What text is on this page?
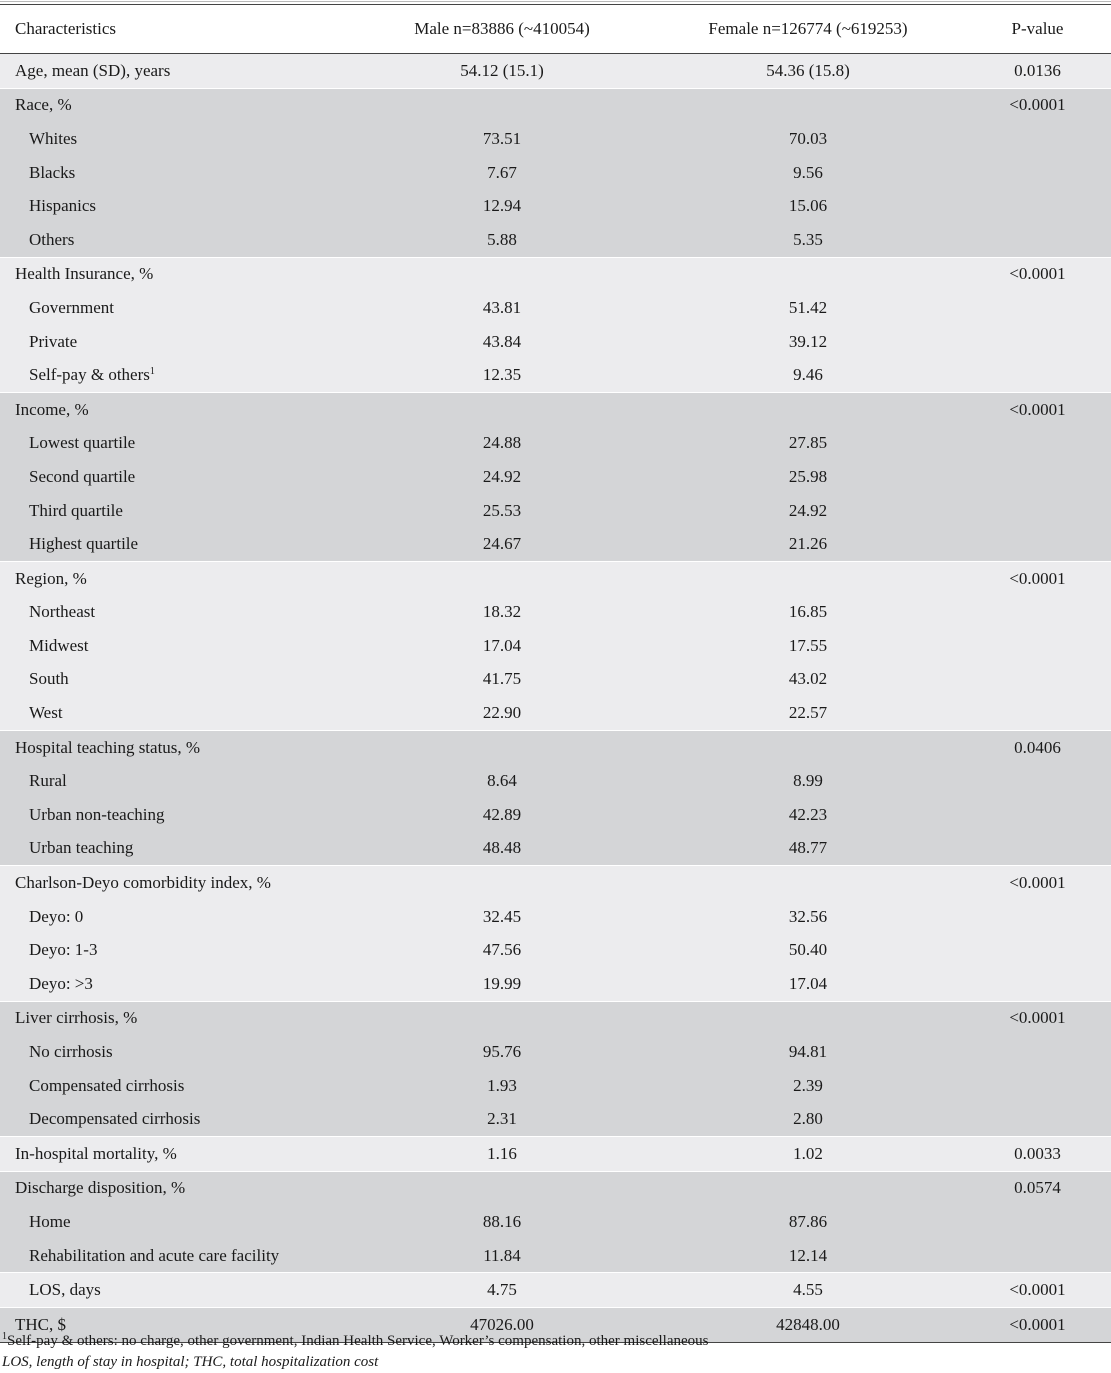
Characteristics	Male n=83886 (~410054)	Female n=126774 (~619253)	P-value
Age, mean (SD), years	54.12 (15.1)	54.36 (15.8)	0.0136
Race, %			<0.0001
Whites	73.51	70.03	
Blacks	7.67	9.56	
Hispanics	12.94	15.06	
Others	5.88	5.35	
Health Insurance, %			<0.0001
Government	43.81	51.42	
Private	43.84	39.12	
Self-pay & others$^1$	12.35	9.46	
Income, %			<0.0001
Lowest quartile	24.88	27.85	
Second quartile	24.92	25.98	
Third quartile	25.53	24.92	
Highest quartile	24.67	21.26	
Region, %			<0.0001
Northeast	18.32	16.85	
Midwest	17.04	17.55	
South	41.75	43.02	
West	22.90	22.57	
Hospital teaching status, %			0.0406
Rural	8.64	8.99	
Urban non-teaching	42.89	42.23	
Urban teaching	48.48	48.77	
Charlson-Deyo comorbidity index, %			<0.0001
Deyo: 0	32.45	32.56	
Deyo: 1-3	47.56	50.40	
Deyo: >3	19.99	17.04	
Liver cirrhosis, %			<0.0001
No cirrhosis	95.76	94.81	
Compensated cirrhosis	1.93	2.39	
Decompensated cirrhosis	2.31	2.80	
In-hospital mortality, %	1.16	1.02	0.0033
Discharge disposition, %			0.0574
Home	88.16	87.86	
Rehabilitation and acute care facility	11.84	12.14	
LOS, days	4.75	4.55	<0.0001
THC, $	47026.00	42848.00	<0.0001
$^1$Self-pay & others: no charge, other government, Indian Health Service, Worker’s compensation, other miscellaneous
LOS, length of stay in hospital; THC, total hospitalization cost
